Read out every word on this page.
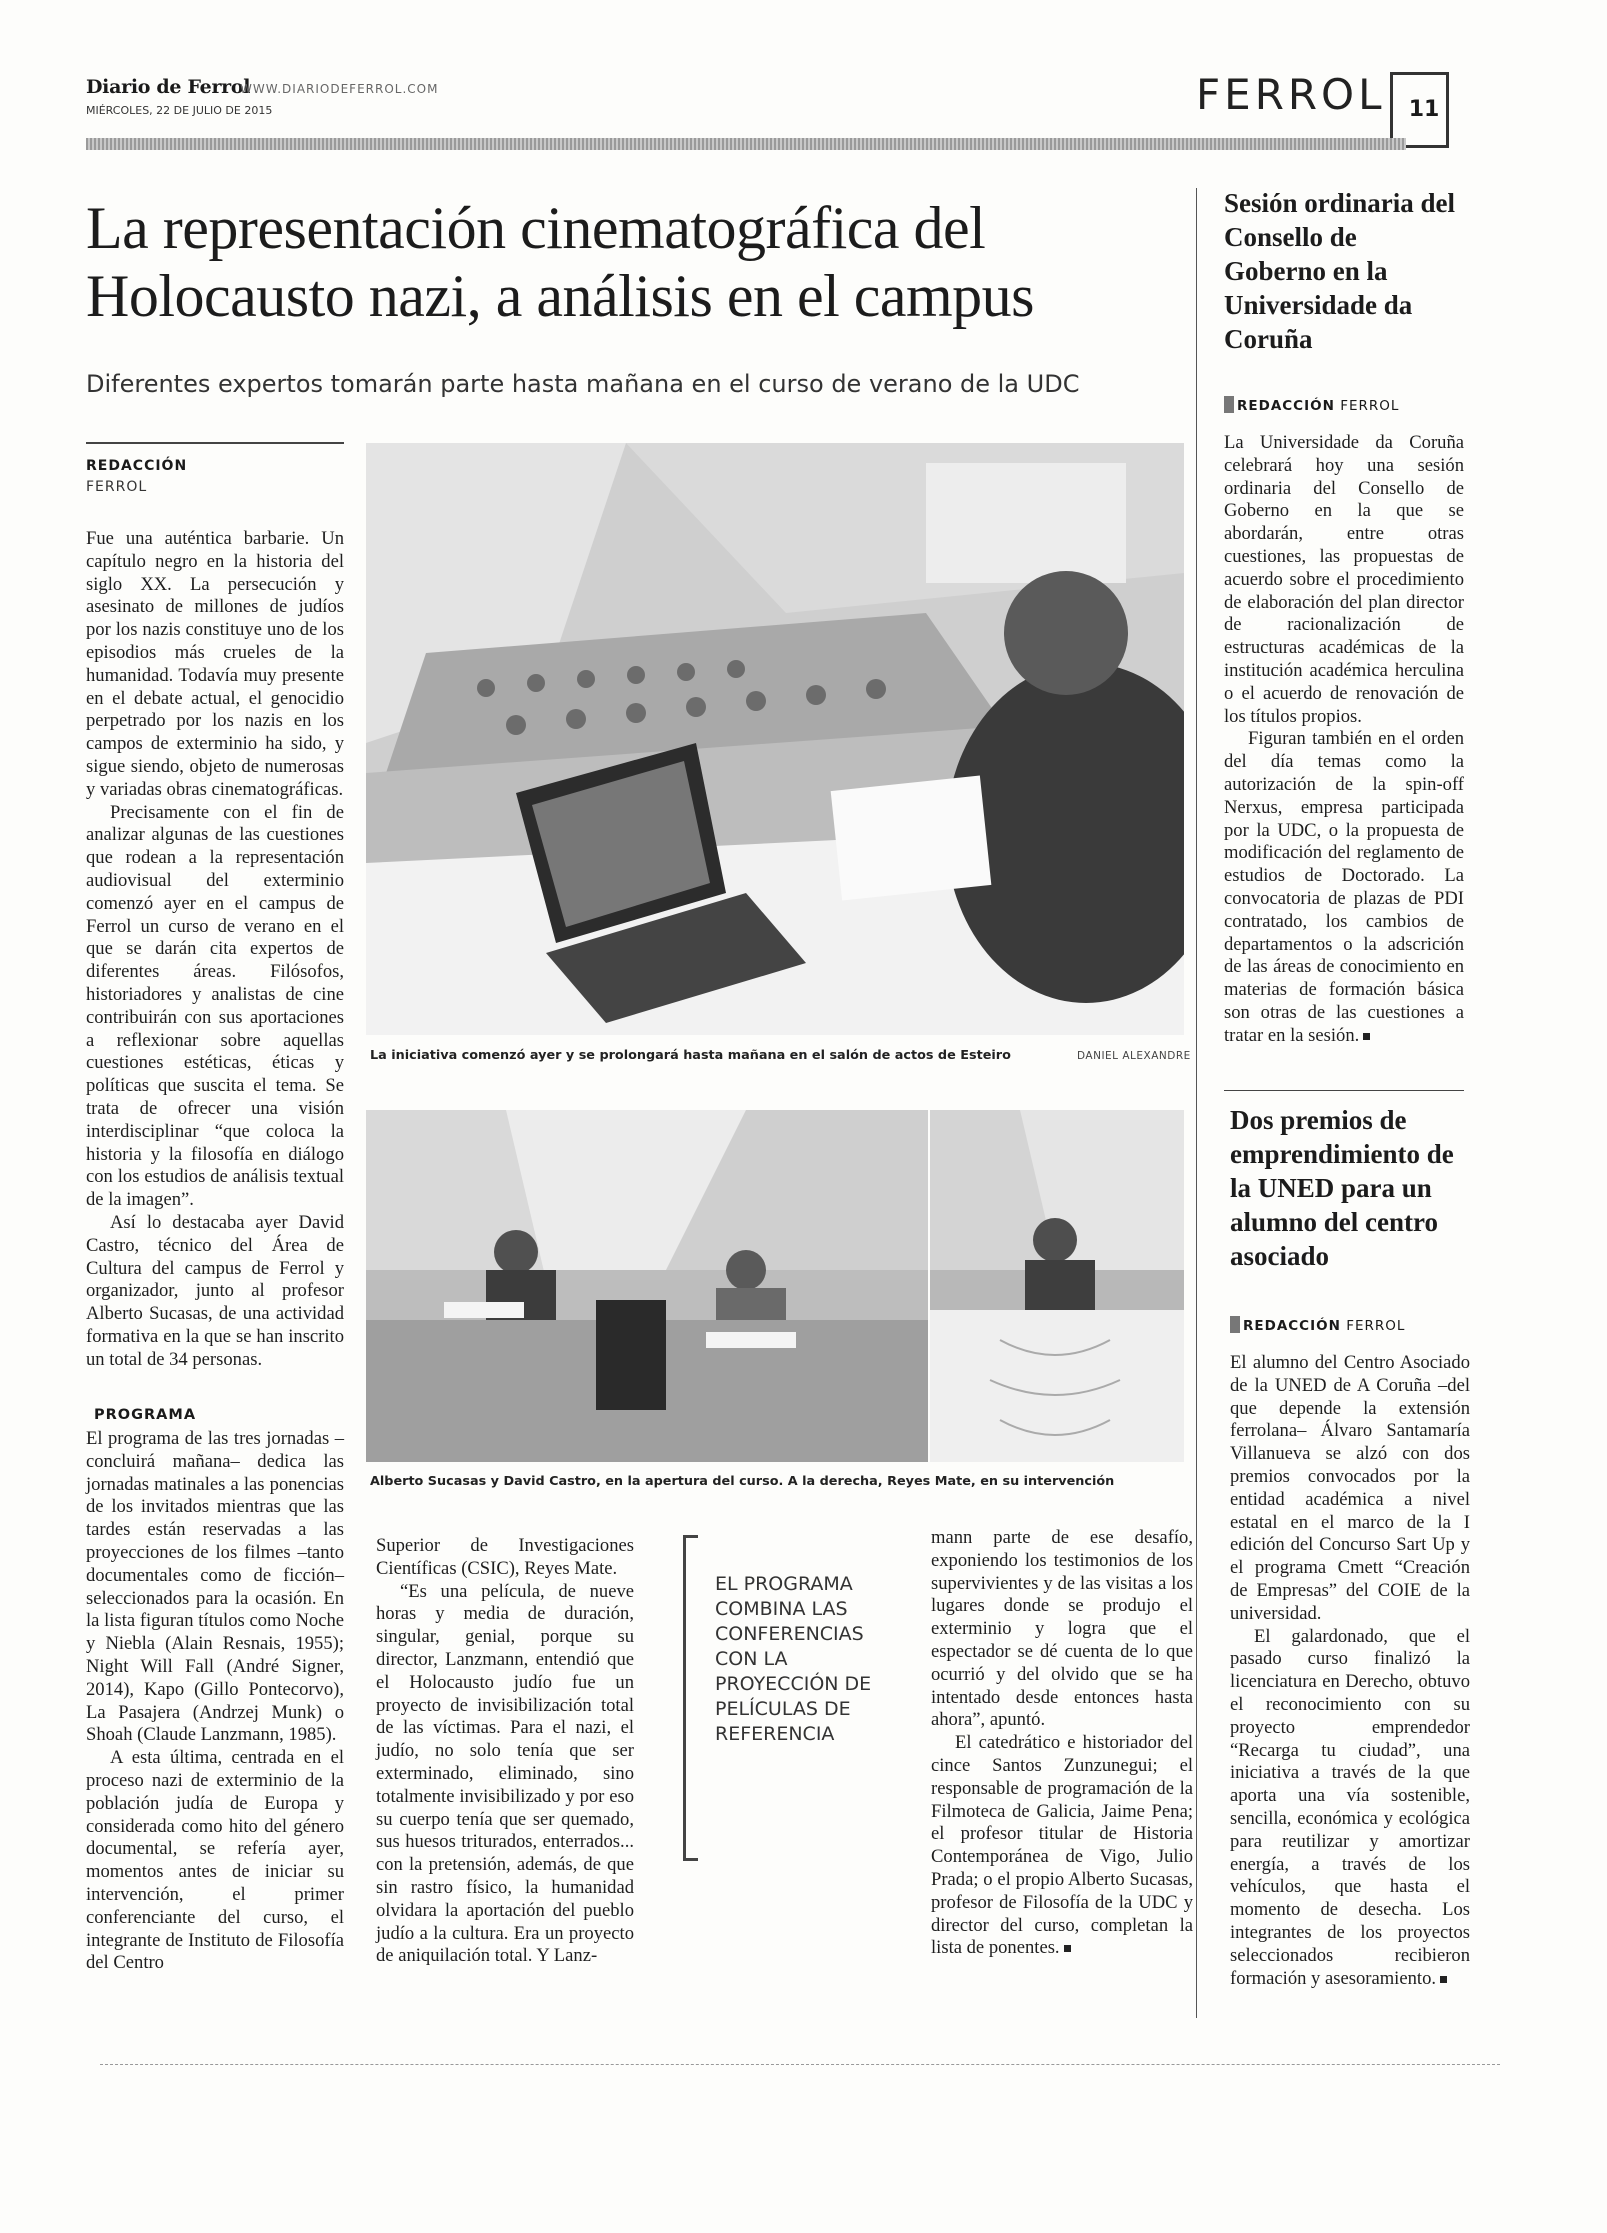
Diario de Ferrol
WWW.DIARIODEFERROL.COM
MIÉRCOLES, 22 DE JULIO DE 2015	FERROL	11
La representación cinematográfica del
Holocausto nazi, a análisis en el campus
Diferentes expertos tomarán parte hasta mañana en el curso de verano de la UDC
REDACCIÓN
FERROL

Fue una auténtica barbarie. Un capítulo negro en la historia del siglo XX. La persecución y asesinato de millones de judíos por los nazis constituye uno de los episodios más crueles de la humanidad. Todavía muy presente en el debate actual, el genocidio perpetrado por los nazis en los campos de exterminio ha sido, y sigue siendo, objeto de numerosas y variadas obras cinematográficas.

Precisamente con el fin de analizar algunas de las cuestiones que rodean a la representación audiovisual del exterminio comenzó ayer en el campus de Ferrol un curso de verano en el que se darán cita expertos de diferentes áreas. Filósofos, historiadores y analistas de cine contribuirán con sus aportaciones a reflexionar sobre aquellas cuestiones estéticas, éticas y políticas que suscita el tema. Se trata de ofrecer una visión interdisciplinar “que coloca la historia y la filosofía en diálogo con los estudios de análisis textual de la imagen”.

Así lo destacaba ayer David Castro, técnico del Área de Cultura del campus de Ferrol y organizador, junto al profesor Alberto Sucasas, de una actividad formativa en la que se han inscrito un total de 34 personas.

PROGRAMA

El programa de las tres jornadas –concluirá mañana– dedica las jornadas matinales a las ponencias de los invitados mientras que las tardes están reservadas a las proyecciones de los filmes –tanto documentales como de ficción– seleccionados para la ocasión. En la lista figuran títulos como Noche y Niebla (Alain Resnais, 1955); Night Will Fall (André Signer, 2014), Kapo (Gillo Pontecorvo), La Pasajera (Andrzej Munk) o Shoah (Claude Lanzmann, 1985).

A esta última, centrada en el proceso nazi de exterminio de la población judía de Europa y considerada como hito del género documental, se refería ayer, momentos antes de iniciar su intervención, el primer conferenciante del curso, el integrante de Instituto de Filosofía del Centro

La iniciativa comenzó ayer y se prolongará hasta mañana en el salón de actos de Esteiro	DANIEL ALEXANDRE
Alberto Sucasas y David Castro, en la apertura del curso. A la derecha, Reyes Mate, en su intervención

Superior de Investigaciones Científicas (CSIC), Reyes Mate.

“Es una película, de nueve horas y media de duración, singular, genial, porque su director, Lanzmann, entendió que el Holocausto judío fue un proyecto de invisibilización total de las víctimas. Para el nazi, el judío, no solo tenía que ser exterminado, eliminado, sino totalmente invisibilizado y por eso su cuerpo tenía que ser quemado, sus huesos triturados, enterrados... con la pretensión, además, de que sin rastro físico, la humanidad olvidara la aportación del pueblo judío a la cultura. Era un proyecto de aniquilación total. Y Lanz-

EL PROGRAMA COMBINA LAS CONFERENCIAS CON LA PROYECCIÓN DE PELÍCULAS DE REFERENCIA

mann parte de ese desafío, exponiendo los testimonios de los supervivientes y de las visitas a los lugares donde se produjo el exterminio y logra que el espectador se dé cuenta de lo que ocurrió y del olvido que se ha intentado desde entonces hasta ahora”, apuntó.

El catedrático e historiador del cince Santos Zunzunegui; el responsable de programación de la Filmoteca de Galicia, Jaime Pena; el profesor titular de Historia Contemporánea de Vigo, Julio Prada; o el propio Alberto Sucasas, profesor de Filosofía de la UDC y director del curso, completan la lista de ponentes.

Sesión ordinaria del Consello de Goberno en la Universidade da Coruña
REDACCIÓN FERROL

La Universidade da Coruña celebrará hoy una sesión ordinaria del Consello de Goberno en la que se abordarán, entre otras cuestiones, las propuestas de acuerdo sobre el procedimiento de elaboración del plan director de racionalización de estructuras académicas de la institución académica herculina o el acuerdo de renovación de los títulos propios.

Figuran también en el orden del día temas como la autorización de la spin-off Nerxus, empresa participada por la UDC, o la propuesta de modificación del reglamento de estudios de Doctorado. La convocatoria de plazas de PDI contratado, los cambios de departamentos o la adscrición de las áreas de conocimiento en materias de formación básica son otras de las cuestiones a tratar en la sesión.

Dos premios de emprendimiento de la UNED para un alumno del centro asociado
REDACCIÓN FERROL

El alumno del Centro Asociado de la UNED de A Coruña –del que depende la extensión ferrolana– Álvaro Santamaría Villanueva se alzó con dos premios convocados por la entidad académica a nivel estatal en el marco de la I edición del Concurso Sart Up y el programa Cmett “Creación de Empresas” del COIE de la universidad.

El galardonado, que el pasado curso finalizó la licenciatura en Derecho, obtuvo el reconocimiento con su proyecto emprendedor “Recarga tu ciudad”, una iniciativa a través de la que aporta una vía sostenible, sencilla, económica y ecológica para reutilizar y amortizar energía, a través de los vehículos, que hasta el momento de desecha. Los integrantes de los proyectos seleccionados recibieron formación y asesoramiento.
